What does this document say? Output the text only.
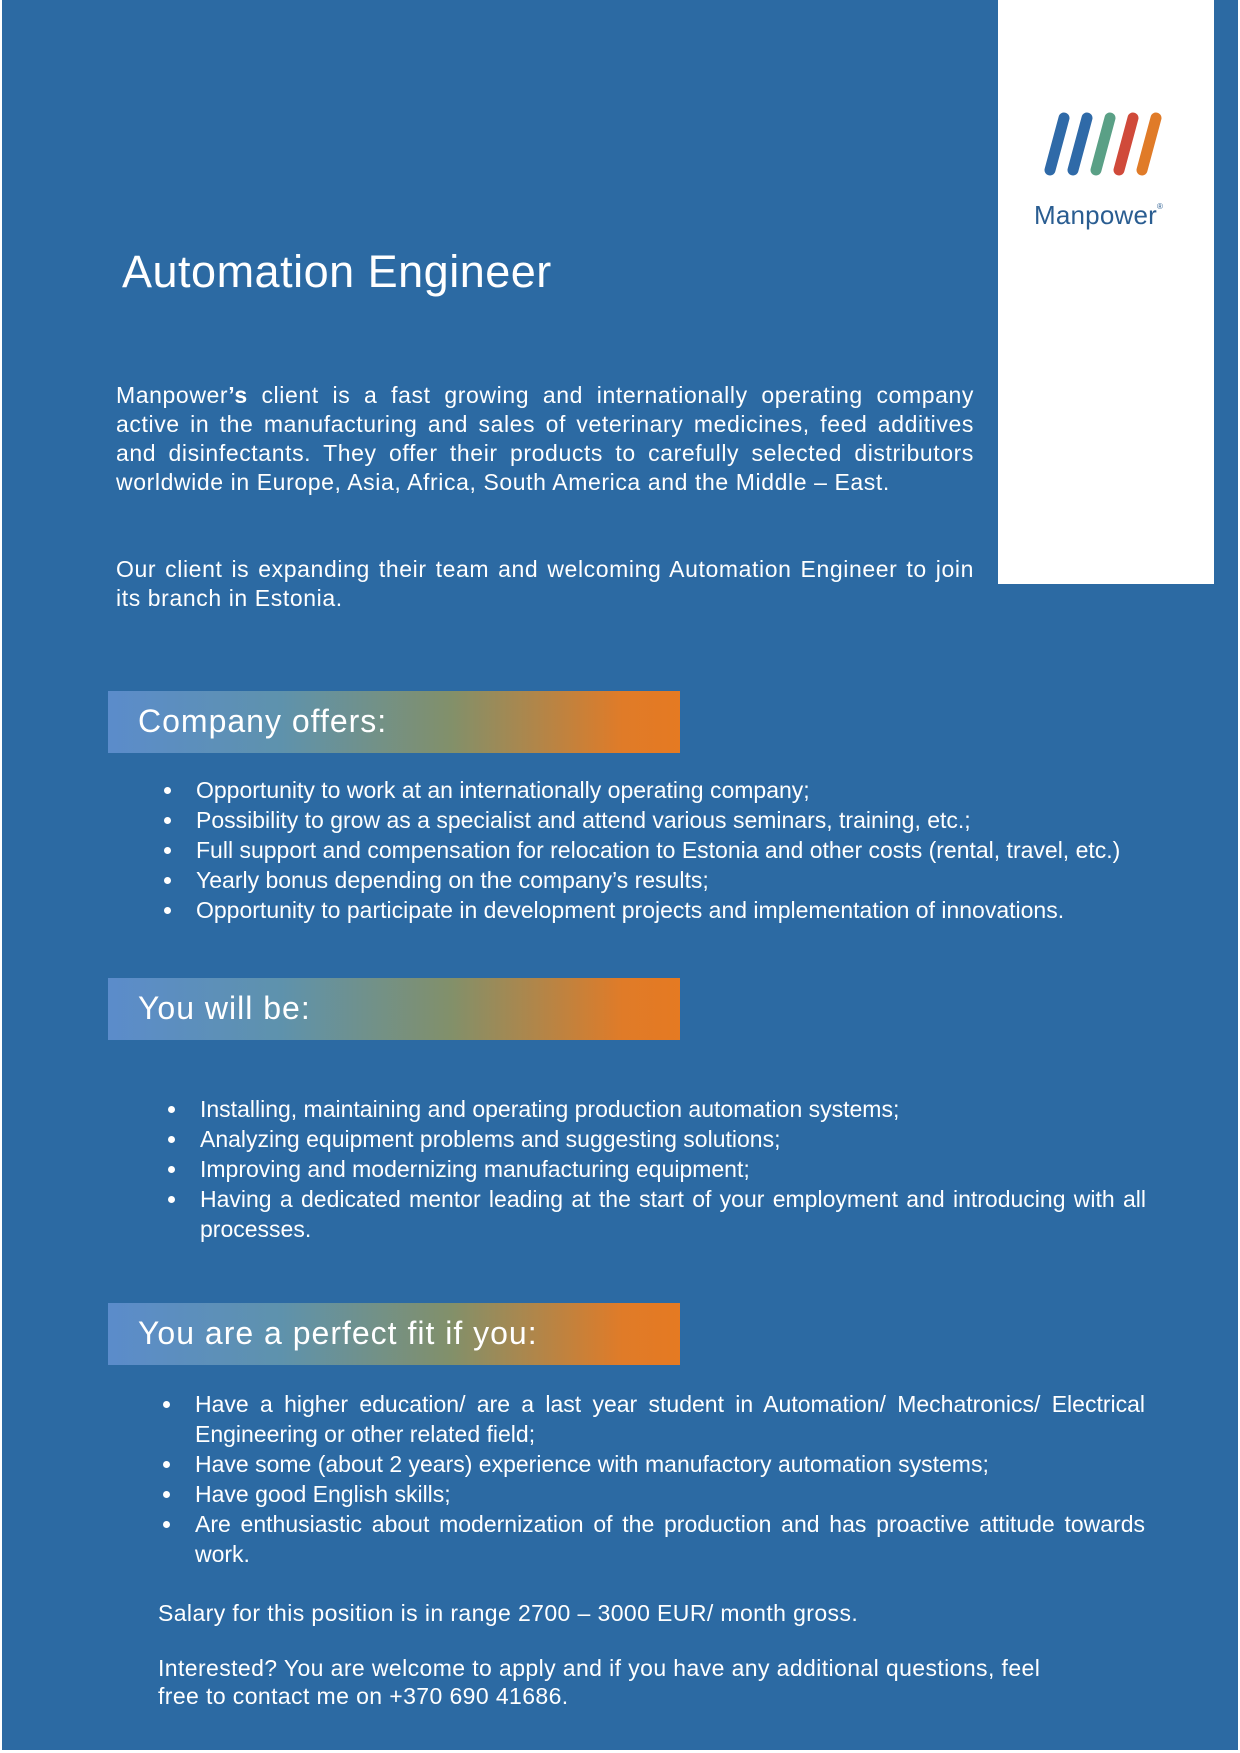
Manpower®
Automation Engineer

Manpower’s client is a fast growing and internationally operating company active in the manufacturing and sales of veterinary medicines, feed additives and disinfectants. They offer their products to carefully selected distributors worldwide in Europe, Asia, Africa, South America and the Middle – East.

Our client is expanding their team and welcoming Automation Engineer to join its branch in Estonia.

Company offers:
Opportunity to work at an internationally operating company;
Possibility to grow as a specialist and attend various seminars, training, etc.;
Full support and compensation for relocation to Estonia and other costs (rental, travel, etc.)
Yearly bonus depending on the company’s results;
Opportunity to participate in development projects and implementation of innovations.
You will be:
Installing, maintaining and operating production automation systems;
Analyzing equipment problems and suggesting solutions;
Improving and modernizing manufacturing equipment;
Having a dedicated mentor leading at the start of your employment and introducing with all processes.
You are a perfect fit if you:
Have a higher education/ are a last year student in Automation/ Mechatronics/ Electrical Engineering or other related field;
Have some (about 2 years) experience with manufactory automation systems;
Have good English skills;
Are enthusiastic about modernization of the production and has proactive attitude towards work.

Salary for this position is in range 2700 – 3000 EUR/ month gross.

Interested? You are welcome to apply and if you have any additional questions, feel free to contact me on +370 690 41686.
